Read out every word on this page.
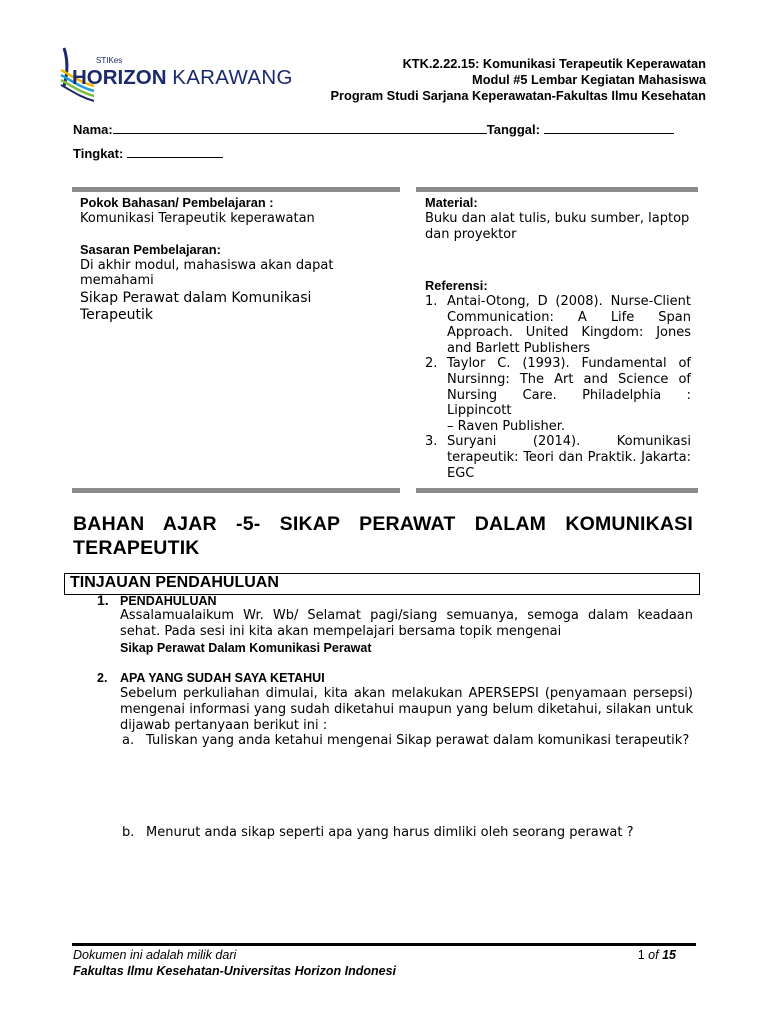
STIKes
HORIZON KARAWANG
KTK.2.22.15: Komunikasi Terapeutik Keperawatan
Modul #5 Lembar Kegiatan Mahasiswa
Program Studi Sarjana Keperawatan-Fakultas Ilmu Kesehatan
Nama:	Tanggal:
Tingkat:
Pokok Bahasan/ Pembelajaran :
Komunikasi Terapeutik keperawatan
Sasaran Pembelajaran:
Di akhir modul, mahasiswa akan dapat memahami
Sikap Perawat dalam Komunikasi Terapeutik
Material:
Buku dan alat tulis, buku sumber, laptop dan proyektor
Referensi:
1. Antai-Otong, D (2008). Nurse-Client Communication: A Life Span Approach. United Kingdom: Jones and Barlett Publishers
2. Taylor C. (1993). Fundamental of Nursinng: The Art and Science of Nursing Care. Philadelphia : Lippincott
– Raven Publisher.
3. Suryani (2014). Komunikasi terapeutik: Teori dan Praktik. Jakarta: EGC
BAHAN AJAR -5- SIKAP PERAWAT DALAM KOMUNIKASI TERAPEUTIK
TINJAUAN PENDAHULUAN
1. PENDAHULUAN
Assalamualaikum Wr. Wb/ Selamat pagi/siang semuanya, semoga dalam keadaan sehat. Pada sesi ini kita akan mempelajari bersama topik mengenai
Sikap Perawat Dalam Komunikasi Perawat
2. APA YANG SUDAH SAYA KETAHUI
Sebelum perkuliahan dimulai, kita akan melakukan APERSEPSI (penyamaan persepsi) mengenai informasi yang sudah diketahui maupun yang belum diketahui, silakan untuk dijawab pertanyaan berikut ini :
a. Tuliskan yang anda ketahui mengenai Sikap perawat dalam komunikasi terapeutik?
b. Menurut anda sikap seperti apa yang harus dimliki oleh seorang perawat ?
Dokumen ini adalah milik dari
Fakultas Ilmu Kesehatan-Universitas Horizon Indonesi
1 of 15
